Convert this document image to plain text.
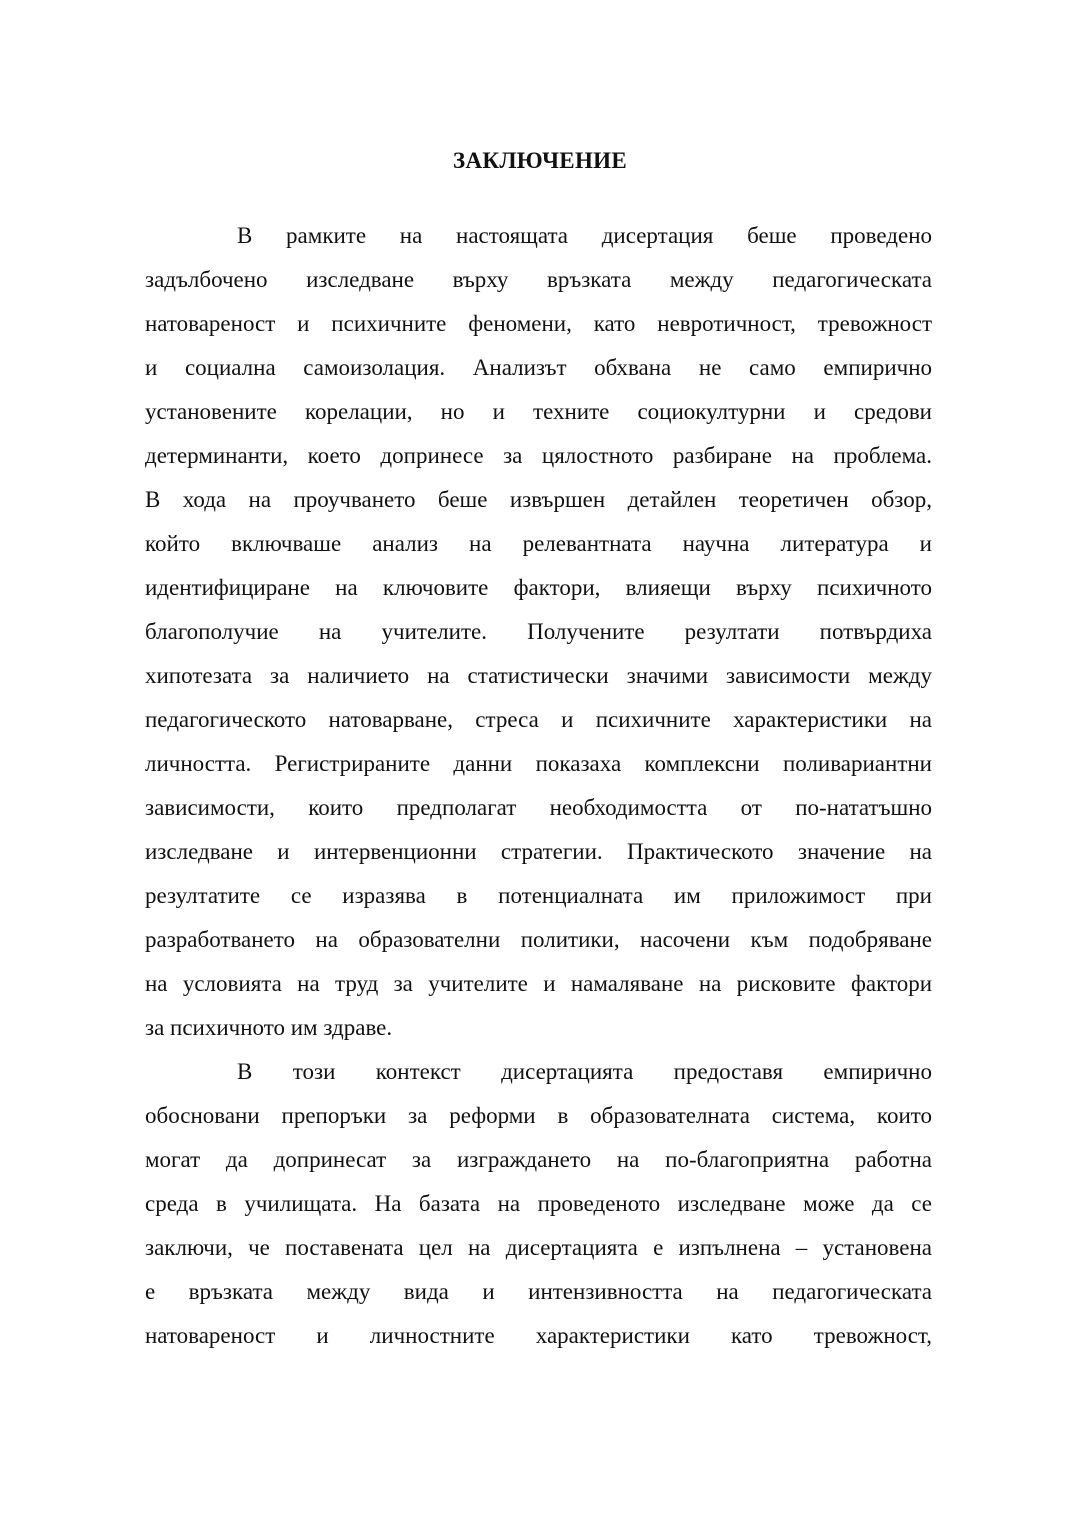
ЗАКЛЮЧЕНИЕ
В рамките на настоящата дисертация беше проведено
задълбочено изследване върху връзката между педагогическата
натовареност и психичните феномени, като невротичност, тревожност
и социална самоизолация. Анализът обхвана не само емпирично
установените корелации, но и техните социокултурни и средови
детерминанти, което допринесе за цялостното разбиране на проблема.
В хода на проучването беше извършен детайлен теоретичен обзор,
който включваше анализ на релевантната научна литература и
идентифициране на ключовите фактори, влияещи върху психичното
благополучие на учителите. Получените резултати потвърдиха
хипотезата за наличието на статистически значими зависимости между
педагогическото натоварване, стреса и психичните характеристики на
личността. Регистрираните данни показаха комплексни поливариантни
зависимости, които предполагат необходимостта от по-нататъшно
изследване и интервенционни стратегии. Практическото значение на
резултатите се изразява в потенциалната им приложимост при
разработването на образователни политики, насочени към подобряване
на условията на труд за учителите и намаляване на рисковите фактори
за психичното им здраве.
В този контекст дисертацията предоставя емпирично
обосновани препоръки за реформи в образователната система, които
могат да допринесат за изграждането на по-благоприятна работна
среда в училищата. На базата на проведеното изследване може да се
заключи, че поставената цел на дисертацията е изпълнена – установена
е връзката между вида и интензивността на педагогическата
натовареност и личностните характеристики като тревожност,
